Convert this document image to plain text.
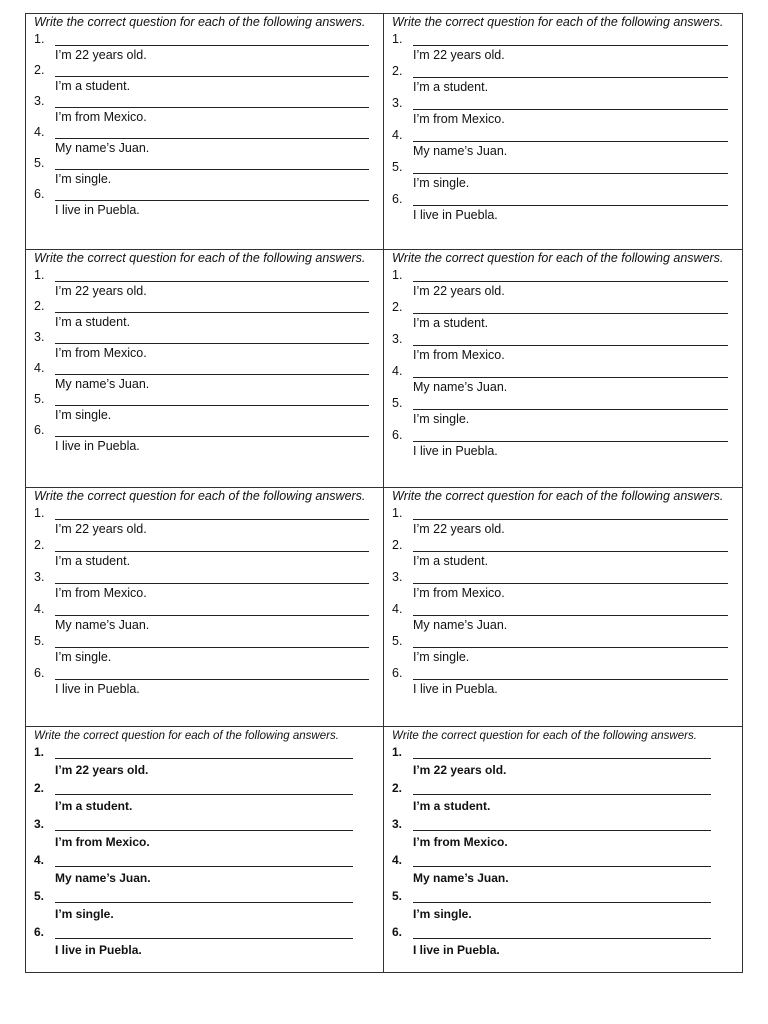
Write the correct question for each of the following answers.

1.
I’m 22 years old.
2.
I’m a student.
3.
I’m from Mexico.
4.
My name’s Juan.
5.
I’m single.
6.
I live in Puebla.

Write the correct question for each of the following answers.

1.
I’m 22 years old.
2.
I’m a student.
3.
I’m from Mexico.
4.
My name’s Juan.
5.
I’m single.
6.
I live in Puebla.

Write the correct question for each of the following answers.

1.
I’m 22 years old.
2.
I’m a student.
3.
I’m from Mexico.
4.
My name’s Juan.
5.
I’m single.
6.
I live in Puebla.

Write the correct question for each of the following answers.

1.
I’m 22 years old.
2.
I’m a student.
3.
I’m from Mexico.
4.
My name’s Juan.
5.
I’m single.
6.
I live in Puebla.

Write the correct question for each of the following answers.

1.
I’m 22 years old.
2.
I’m a student.
3.
I’m from Mexico.
4.
My name’s Juan.
5.
I’m single.
6.
I live in Puebla.

Write the correct question for each of the following answers.

1.
I’m 22 years old.
2.
I’m a student.
3.
I’m from Mexico.
4.
My name’s Juan.
5.
I’m single.
6.
I live in Puebla.

Write the correct question for each of the following answers.

1.
I’m 22 years old.
2.
I’m a student.
3.
I’m from Mexico.
4.
My name’s Juan.
5.
I’m single.
6.
I live in Puebla.

Write the correct question for each of the following answers.

1.
I’m 22 years old.
2.
I’m a student.
3.
I’m from Mexico.
4.
My name’s Juan.
5.
I’m single.
6.
I live in Puebla.
